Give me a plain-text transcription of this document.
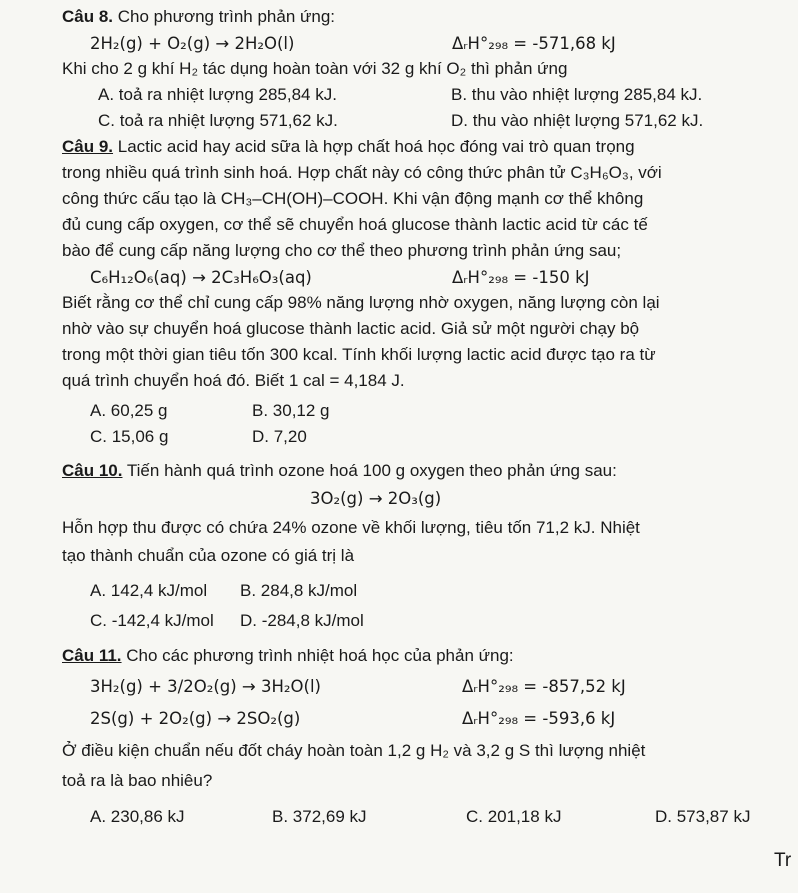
Câu 8. Cho phương trình phản ứng:
2H₂(g) + O₂(g) → 2H₂O(l)	ΔᵣH°₂₉₈ = -571,68 kJ
Khi cho 2 g khí H₂ tác dụng hoàn toàn với 32 g khí O₂ thì phản ứng
A. toả ra nhiệt lượng 285,84 kJ.	B. thu vào nhiệt lượng 285,84 kJ.
C. toả ra nhiệt lượng 571,62 kJ.	D. thu vào nhiệt lượng 571,62 kJ.
Câu 9. Lactic acid hay acid sữa là hợp chất hoá học đóng vai trò quan trọng
trong nhiều quá trình sinh hoá. Hợp chất này có công thức phân tử C₃H₆O₃, với
công thức cấu tạo là CH₃–CH(OH)–COOH. Khi vận động mạnh cơ thể không
đủ cung cấp oxygen, cơ thể sẽ chuyển hoá glucose thành lactic acid từ các tế
bào để cung cấp năng lượng cho cơ thể theo phương trình phản ứng sau;
C₆H₁₂O₆(aq) → 2C₃H₆O₃(aq)	ΔᵣH°₂₉₈ = -150 kJ
Biết rằng cơ thể chỉ cung cấp 98% năng lượng nhờ oxygen, năng lượng còn lại
nhờ vào sự chuyển hoá glucose thành lactic acid. Giả sử một người chạy bộ
trong một thời gian tiêu tốn 300 kcal. Tính khối lượng lactic acid được tạo ra từ
quá trình chuyển hoá đó. Biết 1 cal = 4,184 J.
A. 60,25 g	B. 30,12 g
C. 15,06 g	D. 7,20
Câu 10. Tiến hành quá trình ozone hoá 100 g oxygen theo phản ứng sau:
3O₂(g) → 2O₃(g)
Hỗn hợp thu được có chứa 24% ozone về khối lượng, tiêu tốn 71,2 kJ. Nhiệt
tạo thành chuẩn của ozone có giá trị là
A. 142,4 kJ/mol B. 284,8 kJ/mol
C. -142,4 kJ/mol D. -284,8 kJ/mol
Câu 11. Cho các phương trình nhiệt hoá học của phản ứng:
3H₂(g) + 3/2O₂(g) → 3H₂O(l)	ΔᵣH°₂₉₈ = -857,52 kJ
2S(g) + 2O₂(g) → 2SO₂(g)	ΔᵣH°₂₉₈ = -593,6 kJ
Ở điều kiện chuẩn nếu đốt cháy hoàn toàn 1,2 g H₂ và 3,2 g S thì lượng nhiệt
toả ra là bao nhiêu?
A. 230,86 kJ	B. 372,69 kJ	C. 201,18 kJ	D. 573,87 kJ
Tr
